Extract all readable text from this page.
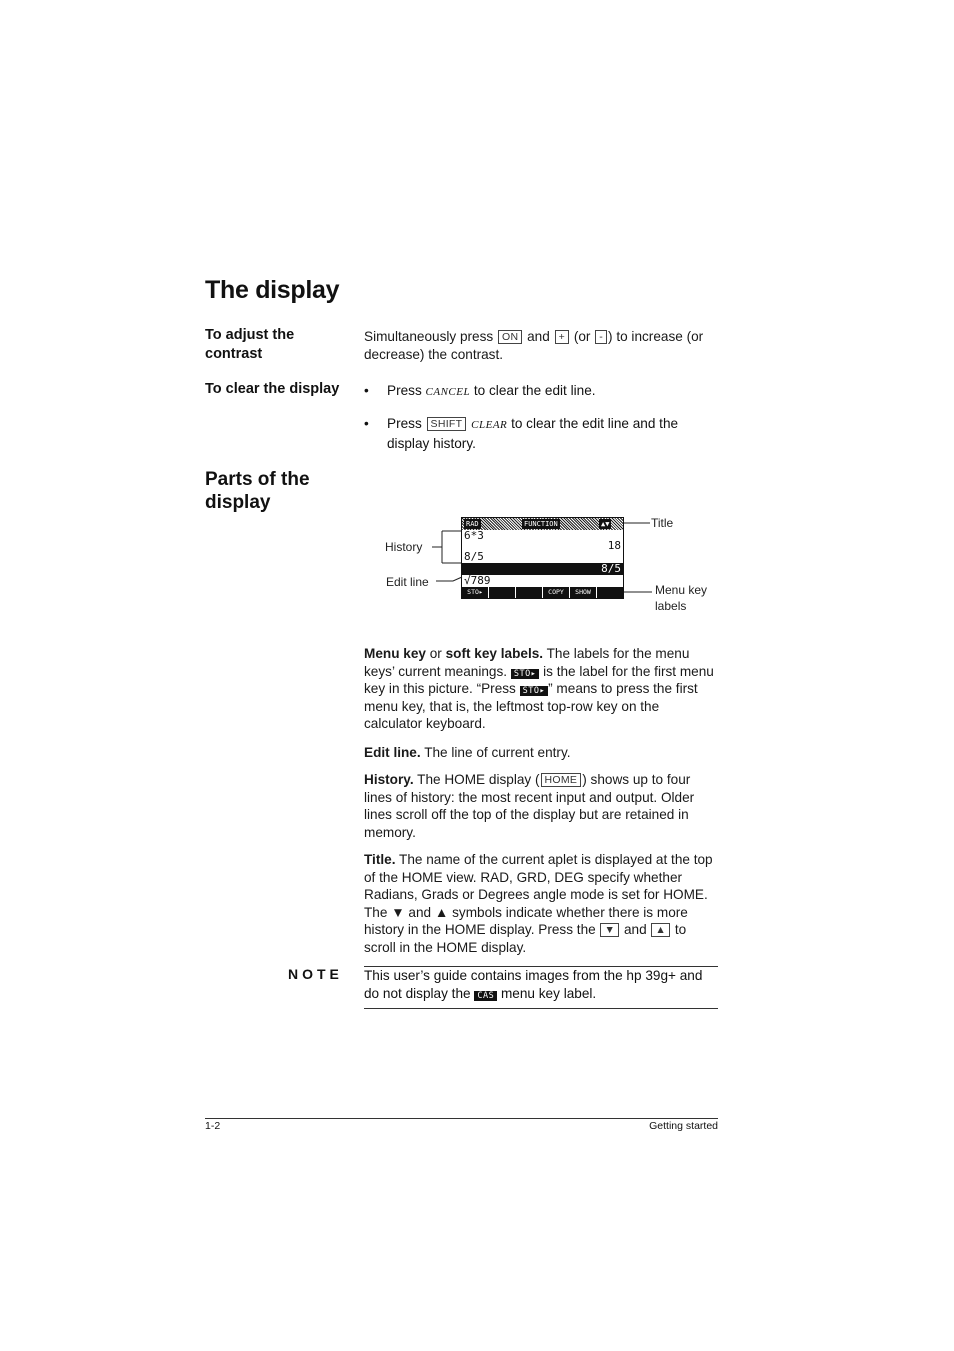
The display
To adjust the contrast
Simultaneously press ON and + (or - ) to increase (or decrease) the contrast.
To clear the display	• Press CANCEL to clear the edit line.
• Press SHIFT CLEAR to clear the edit line and the display history.
Parts of the display
RAD	FUNCTION	▲▼
6*3
18
8/5
8/5
√789
STO▸	COPY	SHOW
History
Edit line
Title
Menu key
labels
Menu key or soft key labels. The labels for the menu keys’ current meanings. STO▸ is the label for the first menu key in this picture. “Press STO▸ ” means to press the first menu key, that is, the leftmost top-row key on the calculator keyboard.
Edit line. The line of current entry.
History. The HOME display ( HOME ) shows up to four lines of history: the most recent input and output. Older lines scroll off the top of the display but are retained in memory.
Title. The name of the current aplet is displayed at the top of the HOME view. RAD, GRD, DEG specify whether Radians, Grads or Degrees angle mode is set for HOME. The ▼ and ▲ symbols indicate whether there is more history in the HOME display. Press the ▼ and ▲ to scroll in the HOME display.
NOTE This user’s guide contains images from the hp 39g+ and do not display the CAS menu key label.
1-2	Getting started
